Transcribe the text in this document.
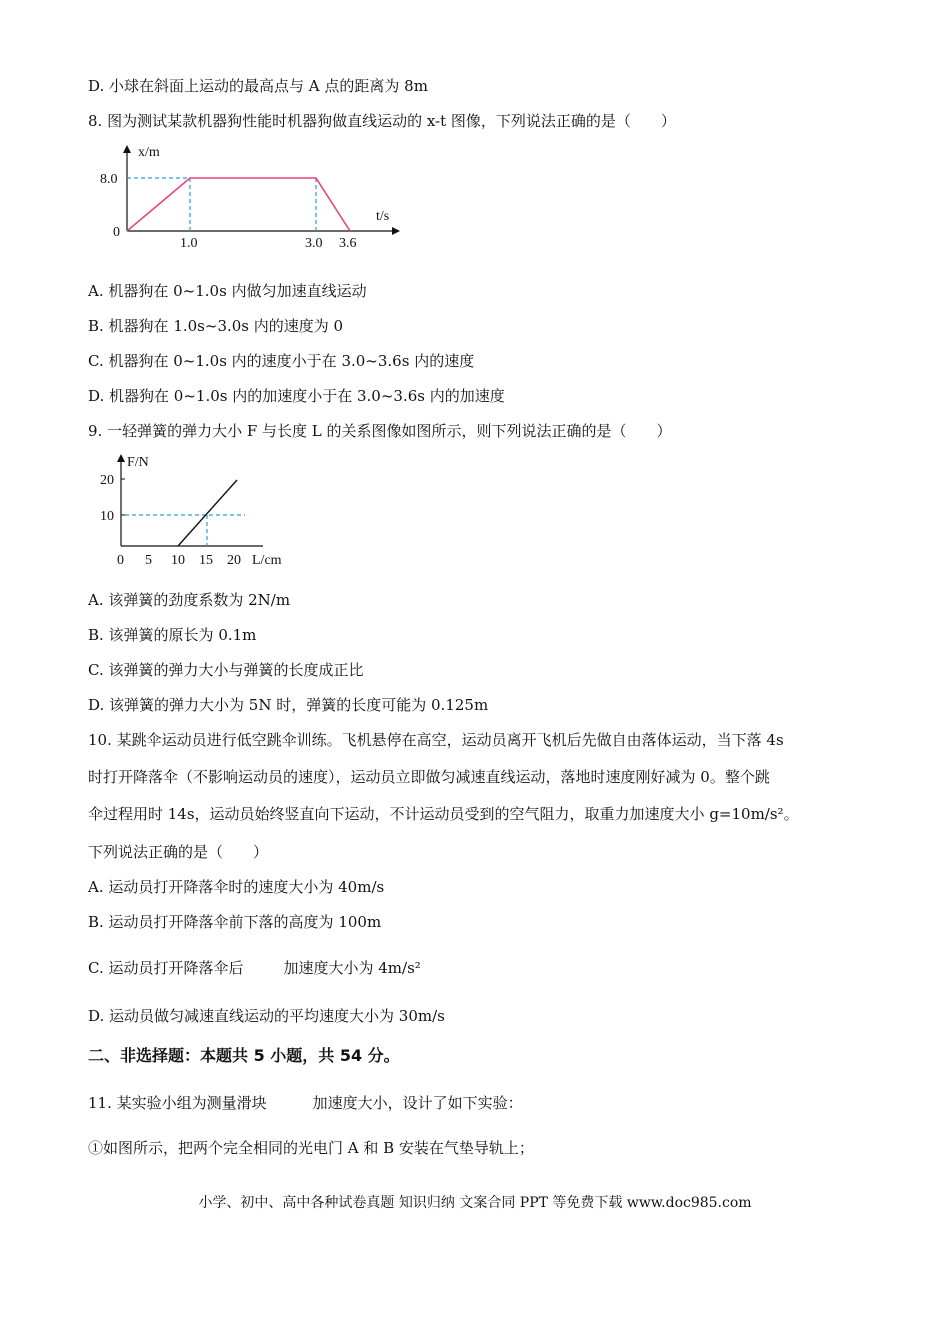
D. 小球在斜面上运动的最高点与 A 点的距离为 8m
8. 图为测试某款机器狗性能时机器狗做直线运动的 x-t 图像，下列说法正确的是（　　）
x/m
8.0
0
t/s
1.0	3.0 3.6
A. 机器狗在 0~1.0s 内做匀加速直线运动
B. 机器狗在 1.0s~3.0s 内的速度为 0
C. 机器狗在 0~1.0s 内的速度小于在 3.0~3.6s 内的速度
D. 机器狗在 0~1.0s 内的加速度小于在 3.0~3.6s 内的加速度
9. 一轻弹簧的弹力大小 F 与长度 L 的关系图像如图所示，则下列说法正确的是（　　）
F/N
20
10
0 5 10 15 20 L/cm
A. 该弹簧的劲度系数为 2N/m
B. 该弹簧的原长为 0.1m
C. 该弹簧的弹力大小与弹簧的长度成正比
D. 该弹簧的弹力大小为 5N 时，弹簧的长度可能为 0.125m
10. 某跳伞运动员进行低空跳伞训练。飞机悬停在高空，运动员离开飞机后先做自由落体运动，当下落 4s
时打开降落伞（不影响运动员的速度），运动员立即做匀减速直线运动，落地时速度刚好减为 0。整个跳
伞过程用时 14s，运动员始终竖直向下运动，不计运动员受到的空气阻力，取重力加速度大小 g=10m/s²。
下列说法正确的是（　　）
A. 运动员打开降落伞时的速度大小为 40m/s
B. 运动员打开降落伞前下落的高度为 100m
C. 运动员打开降落伞后	加速度大小为 4m/s²
D. 运动员做匀减速直线运动的平均速度大小为 30m/s
二、非选择题：本题共 5 小题，共 54 分。
11. 某实验小组为测量滑块	加速度大小，设计了如下实验：
①如图所示，把两个完全相同的光电门 A 和 B 安装在气垫导轨上；
小学、初中、高中各种试卷真题 知识归纳 文案合同 PPT 等免费下载 www.doc985.com
